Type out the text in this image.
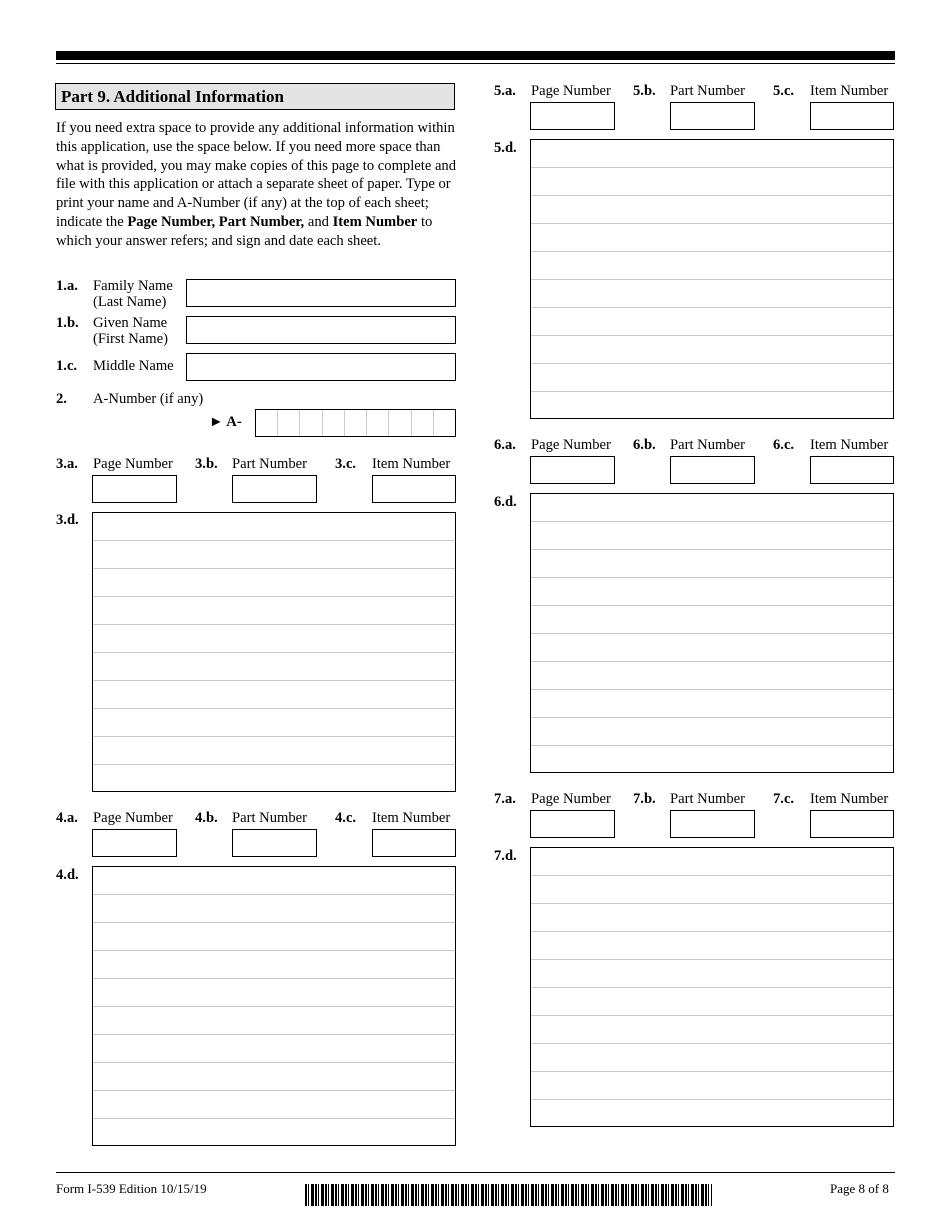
Part 9. Additional Information
If you need extra space to provide any additional information within this application, use the space below. If you need more space than what is provided, you may make copies of this page to complete and file with this application or attach a separate sheet of paper. Type or print your name and A-Number (if any) at the top of each sheet; indicate the Page Number, Part Number, and Item Number to which your answer refers; and sign and date each sheet.
1.a. Family Name
(Last Name)
1.b. Given Name
(First Name)
1.c. Middle Name
2. A-Number (if any)
► A-
3.a. Page Number 3.b. Part Number 3.c. Item Number
3.d.
4.a. Page Number 4.b. Part Number 4.c. Item Number
4.d.
5.a. Page Number 5.b. Part Number 5.c. Item Number
5.d.
6.a. Page Number 6.b. Part Number 6.c. Item Number
6.d.
7.a. Page Number 7.b. Part Number 7.c. Item Number
7.d.
Form I-539 Edition 10/15/19	Page 8 of 8
